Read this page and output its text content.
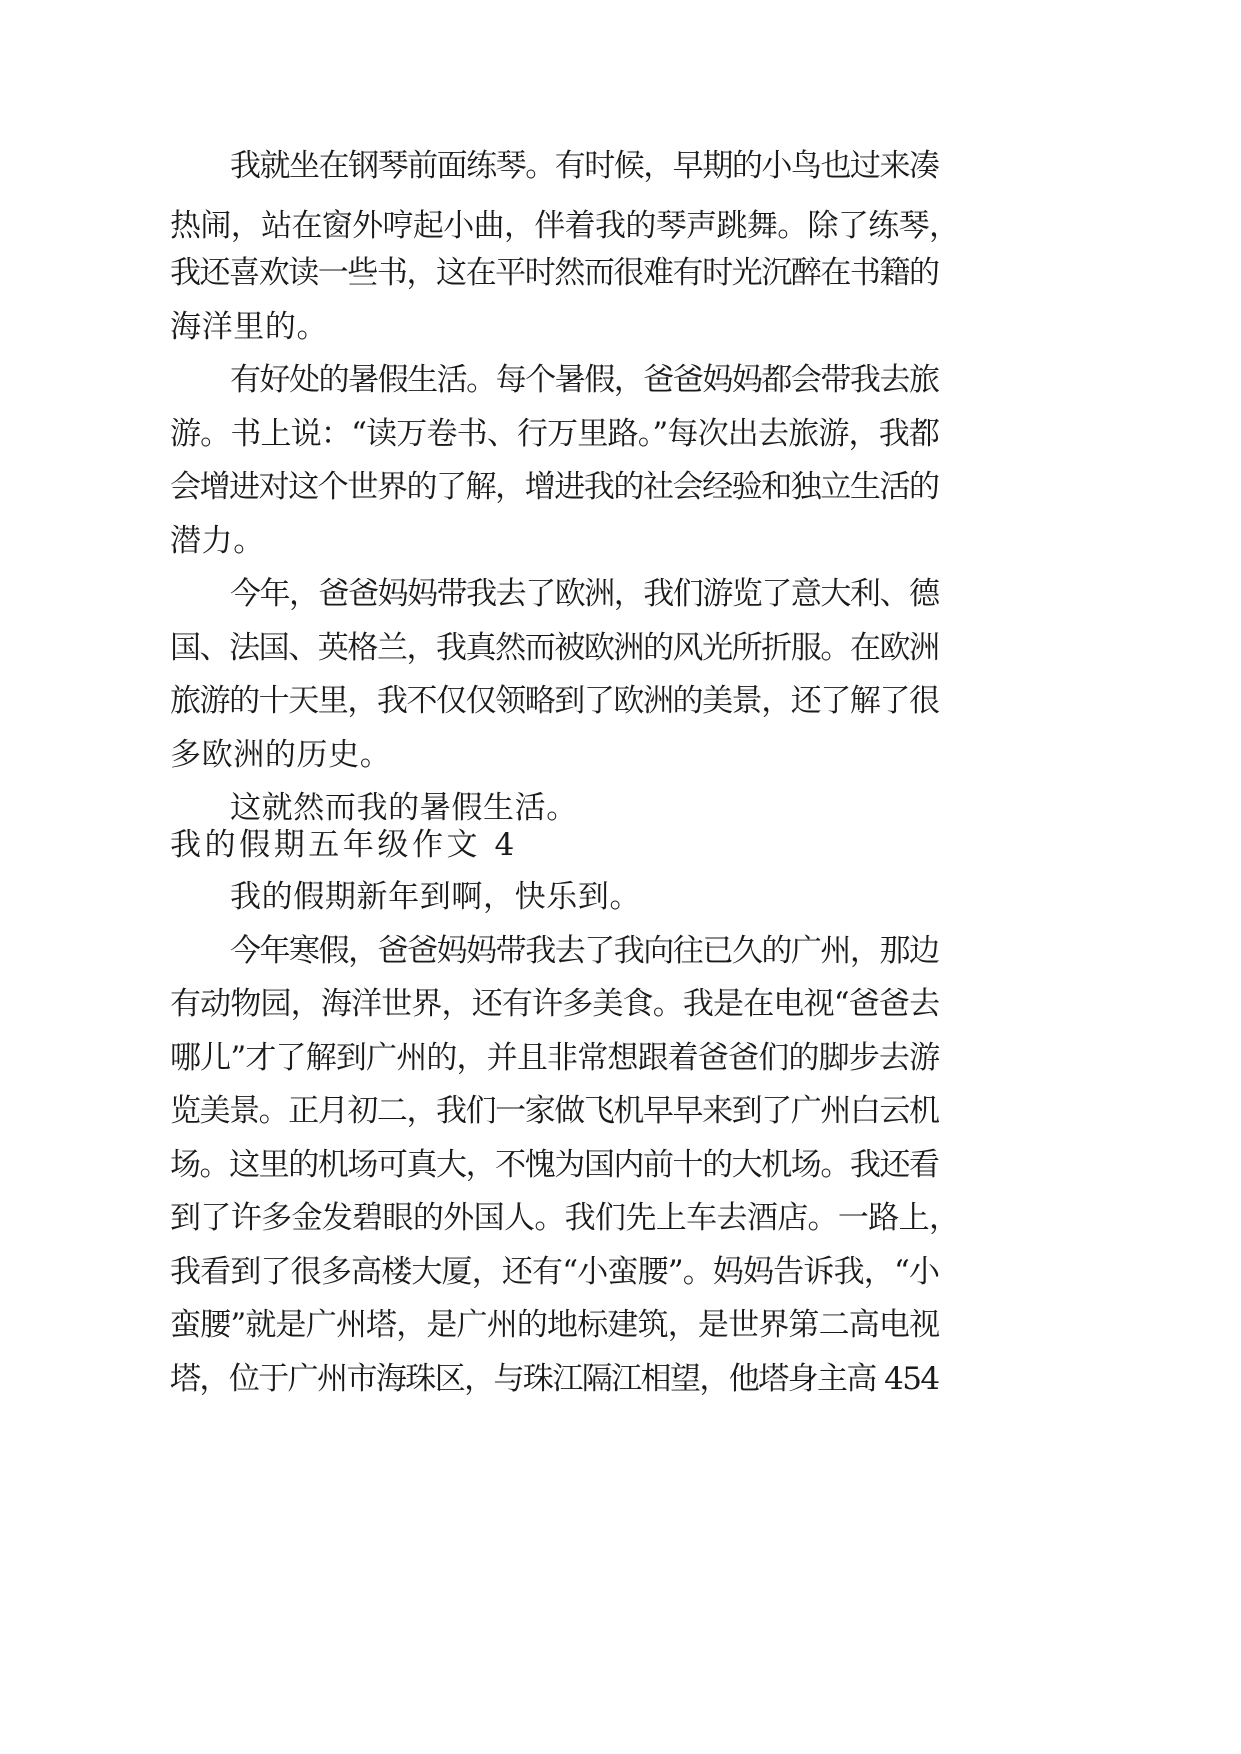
我就坐在钢琴前面练琴。有时候，早期的小鸟也过来凑
热闹，站在窗外哼起小曲，伴着我的琴声跳舞。除了练琴，
我还喜欢读一些书，这在平时然而很难有时光沉醉在书籍的
海洋里的。
有好处的暑假生活。每个暑假，爸爸妈妈都会带我去旅
游。书上说：“读万卷书、行万里路。”每次出去旅游，我都
会增进对这个世界的了解，增进我的社会经验和独立生活的
潜力。
今年，爸爸妈妈带我去了欧洲，我们游览了意大利、德
国、法国、英格兰，我真然而被欧洲的风光所折服。在欧洲
旅游的十天里，我不仅仅领略到了欧洲的美景，还了解了很
多欧洲的历史。
这就然而我的暑假生活。
我的假期五年级作文 4
我的假期新年到啊，快乐到。
今年寒假，爸爸妈妈带我去了我向往已久的广州，那边
有动物园，海洋世界，还有许多美食。我是在电视“爸爸去
哪儿”才了解到广州的，并且非常想跟着爸爸们的脚步去游
览美景。正月初二，我们一家做飞机早早来到了广州白云机
场。这里的机场可真大，不愧为国内前十的大机场。我还看
到了许多金发碧眼的外国人。我们先上车去酒店。一路上，
我看到了很多高楼大厦，还有“小蛮腰”。妈妈告诉我，“小
蛮腰”就是广州塔，是广州的地标建筑，是世界第二高电视
塔，位于广州市海珠区，与珠江隔江相望，他塔身主高 454
